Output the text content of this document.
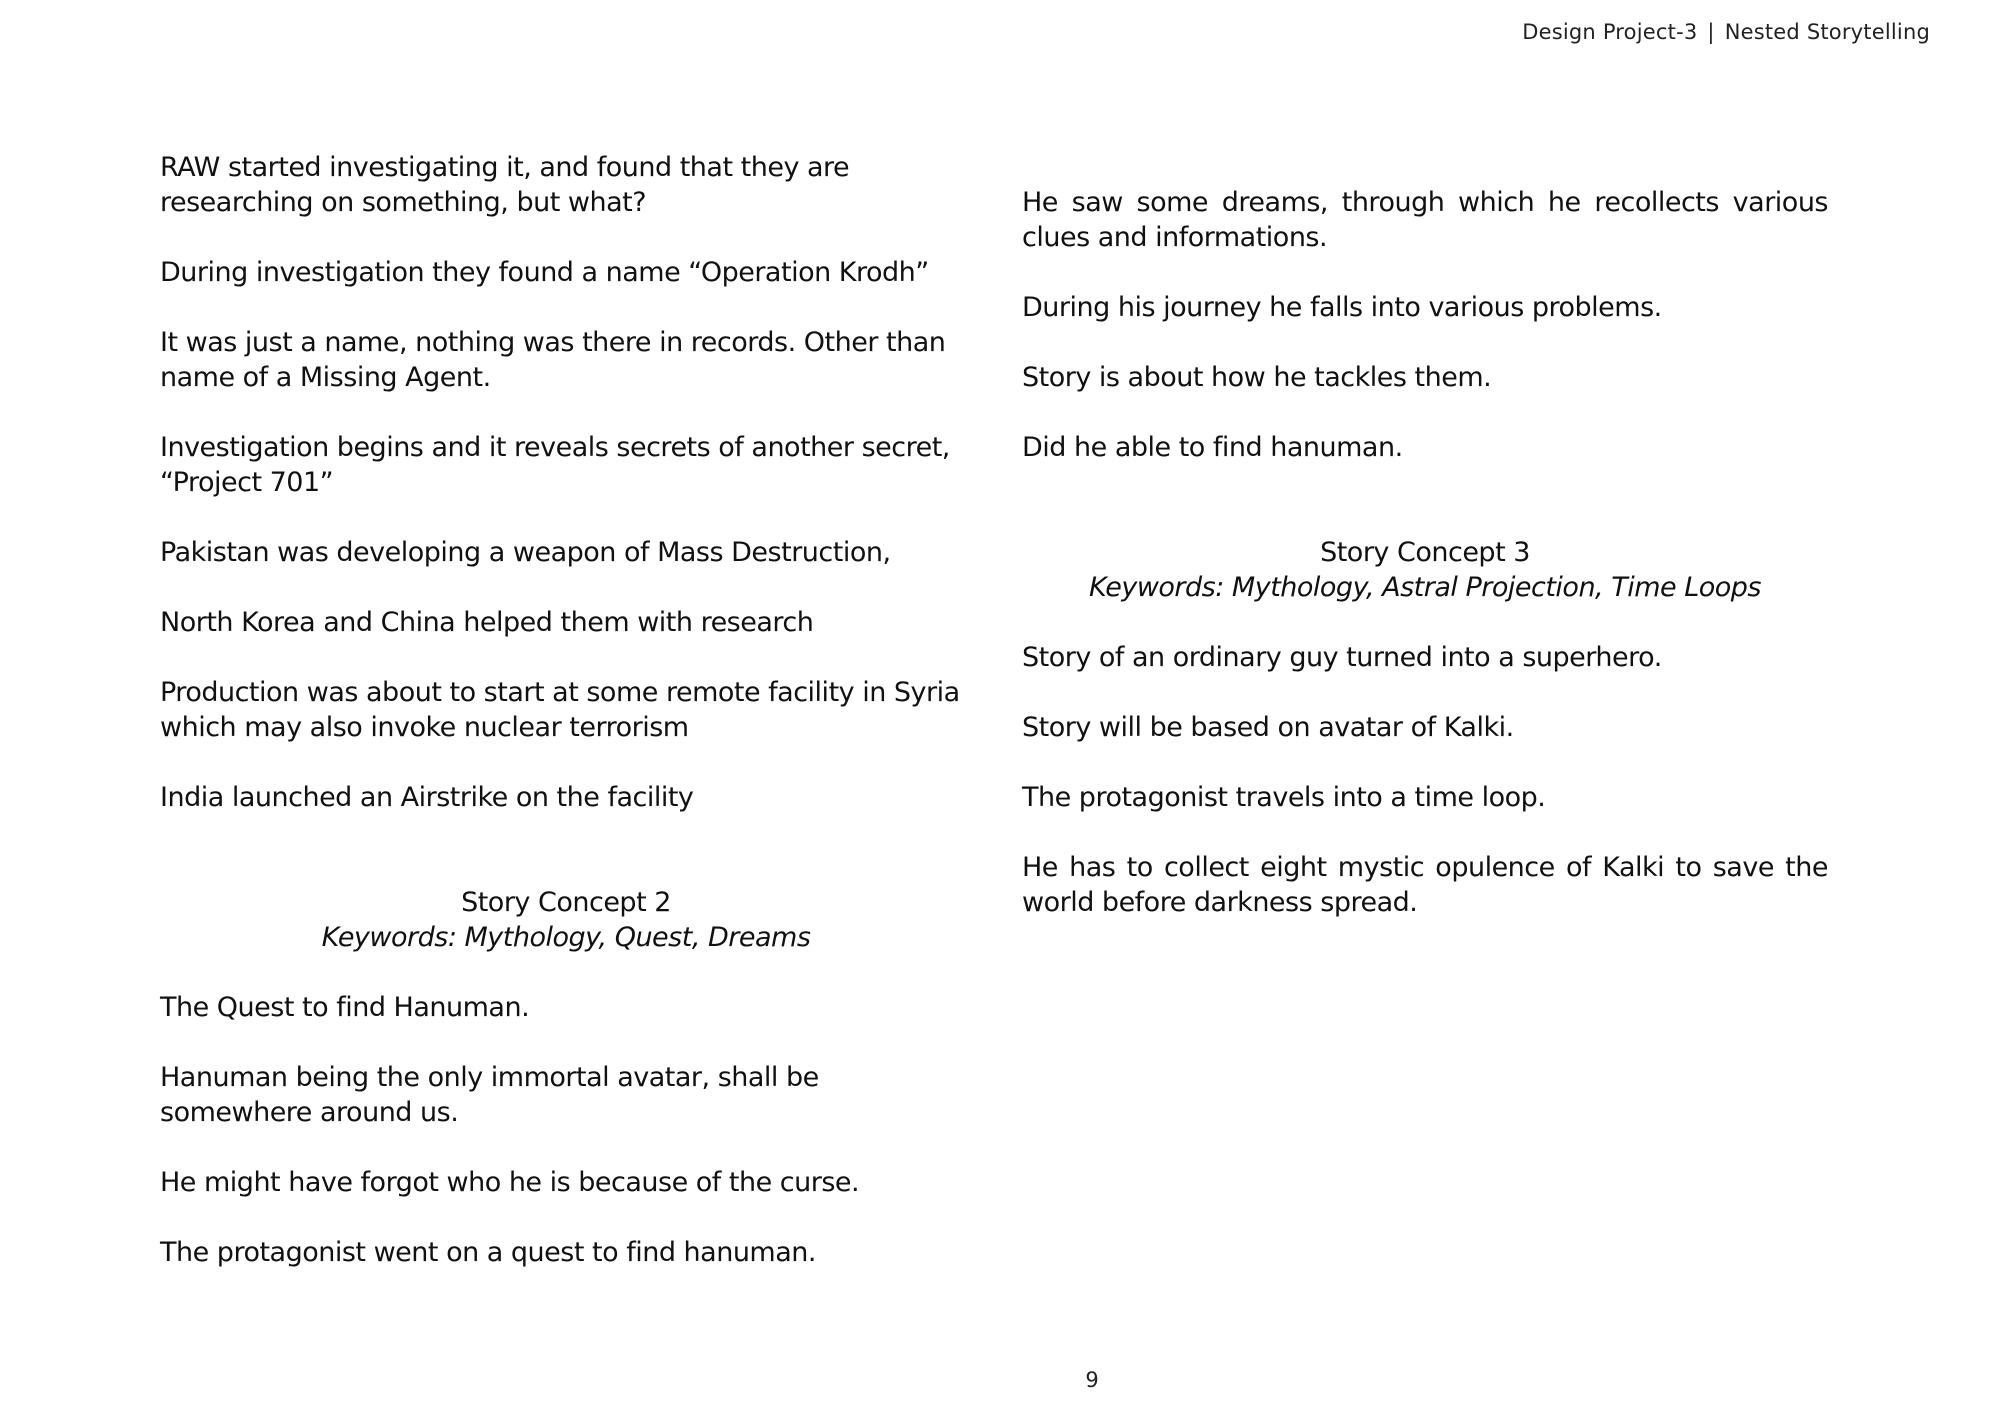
Design Project-3 | Nested Storytelling

RAW started investigating it, and found that they are researching on something, but what?

During investigation they found a name “Operation Krodh”

It was just a name, nothing was there in records. Other than name of a Missing Agent.

Investigation begins and it reveals secrets of another secret, “Project 701”

Pakistan was developing a weapon of Mass Destruction,

North Korea and China helped them with research

Production was about to start at some remote facility in Syria which may also invoke nuclear terrorism

India launched an Airstrike on the facility

Story Concept 2
Keywords: Mythology, Quest, Dreams

The Quest to find Hanuman.

Hanuman being the only immortal avatar, shall be somewhere around us.

He might have forgot who he is because of the curse.

The protagonist went on a quest to find hanuman.

He saw some dreams, through which he recollects various clues and informations.

During his journey he falls into various problems.

Story is about how he tackles them.

Did he able to find hanuman.

Story Concept 3
Keywords: Mythology, Astral Projection, Time Loops

Story of an ordinary guy turned into a superhero.

Story will be based on avatar of Kalki.

The protagonist travels into a time loop.

He has to collect eight mystic opulence of Kalki to save the world before darkness spread.

9
